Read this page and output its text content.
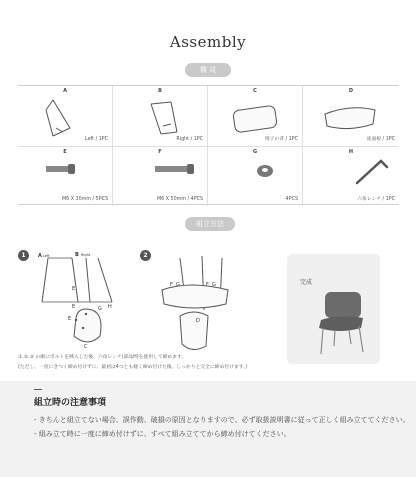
Assembly
構 成
A
Left / 1PC
B
Right / 1PC
C
椅子の背 / 1PC
D
座面板 / 1PC
E
M6 X 30mm / 5PCS
F
M6 X 50mm / 4PCS
G
4PCS
H
六角レンチ / 1PC
組立方法
1	A Left	B Right
E
E
E
G H
C
2
F G	F G
D
完成
①,②,③ の順にボルトを挿入した後、六角レンチ(部品H)を使用して締めます。
(ただし、一度にきつく締め付けずに、最初は4つとも軽く締め付けた後、しっかりと完全に締め付けます。)
組立時の注意事項
- きちんと組立てない場合、誤作動、破損の原因となりますので、必ず取扱説明書に従って正しく組み立ててください。
- 組み立て時に一度に締め付けずに、すべて組み立ててから締め付けてください。
